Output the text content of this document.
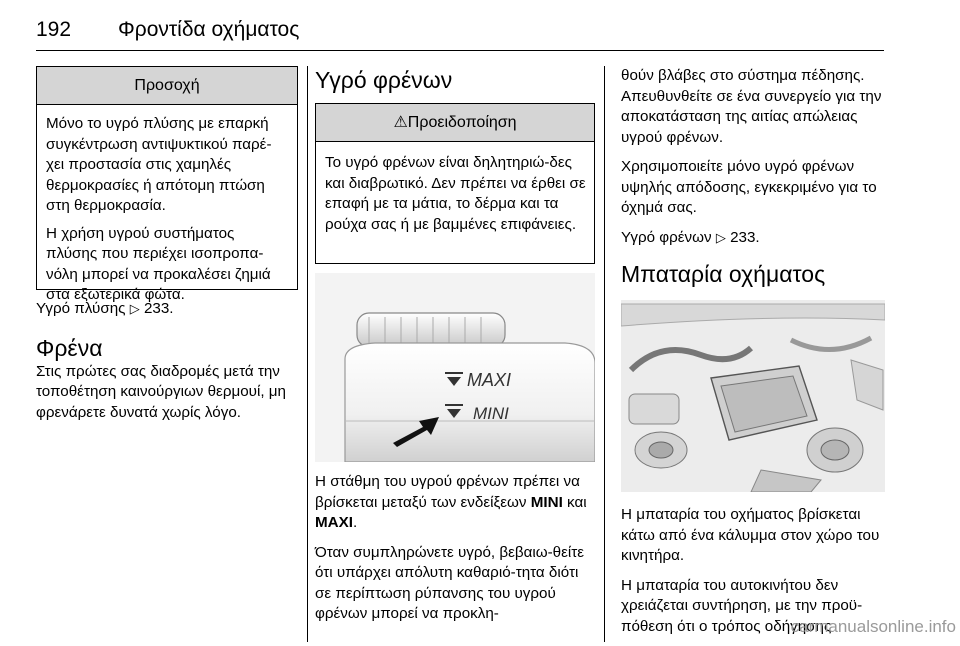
192 Φροντίδα οχήματος
Προσοχή

Μόνο το υγρό πλύσης με επαρκή συγκέντρωση αντιψυκτικού παρέ-χει προστασία στις χαμηλές θερμοκρασίες ή απότομη πτώση στη θερμοκρασία.

Η χρήση υγρού συστήματος πλύσης που περιέχει ισοπροπα-νόλη μπορεί να προκαλέσει ζημιά στα εξωτερικά φώτα.

Υγρό πλύσης ▷ 233.

Φρένα

Στις πρώτες σας διαδρομές μετά την τοποθέτηση καινούργιων θερμουί, μη φρενάρετε δυνατά χωρίς λόγο.

Υγρό φρένων
⚠Προειδοποίηση

Το υγρό φρένων είναι δηλητηριώ-δες και διαβρωτικό. Δεν πρέπει να έρθει σε επαφή με τα μάτια, το δέρμα και τα ρούχα σας ή με βαμμένες επιφάνειες.

MAXI
MINI

Η στάθμη του υγρού φρένων πρέπει να βρίσκεται μεταξύ των ενδείξεων MINI και MAXI.

Όταν συμπληρώνετε υγρό, βεβαιω-θείτε ότι υπάρχει απόλυτη καθαριό-τητα διότι σε περίπτωση ρύπανσης του υγρού φρένων μπορεί να προκλη-

θούν βλάβες στο σύστημα πέδησης. Απευθυνθείτε σε ένα συνεργείο για την αποκατάσταση της αιτίας απώλειας υγρού φρένων.

Χρησιμοποιείτε μόνο υγρό φρένων υψηλής απόδοσης, εγκεκριμένο για το όχημά σας.

Υγρό φρένων ▷ 233.

Μπαταρία οχήματος

Η μπαταρία του οχήματος βρίσκεται κάτω από ένα κάλυμμα στον χώρο του κινητήρα.

Η μπαταρία του αυτοκινήτου δεν χρειάζεται συντήρηση, με την προϋ-πόθεση ότι ο τρόπος οδήγησης

carmanualsonline.info
